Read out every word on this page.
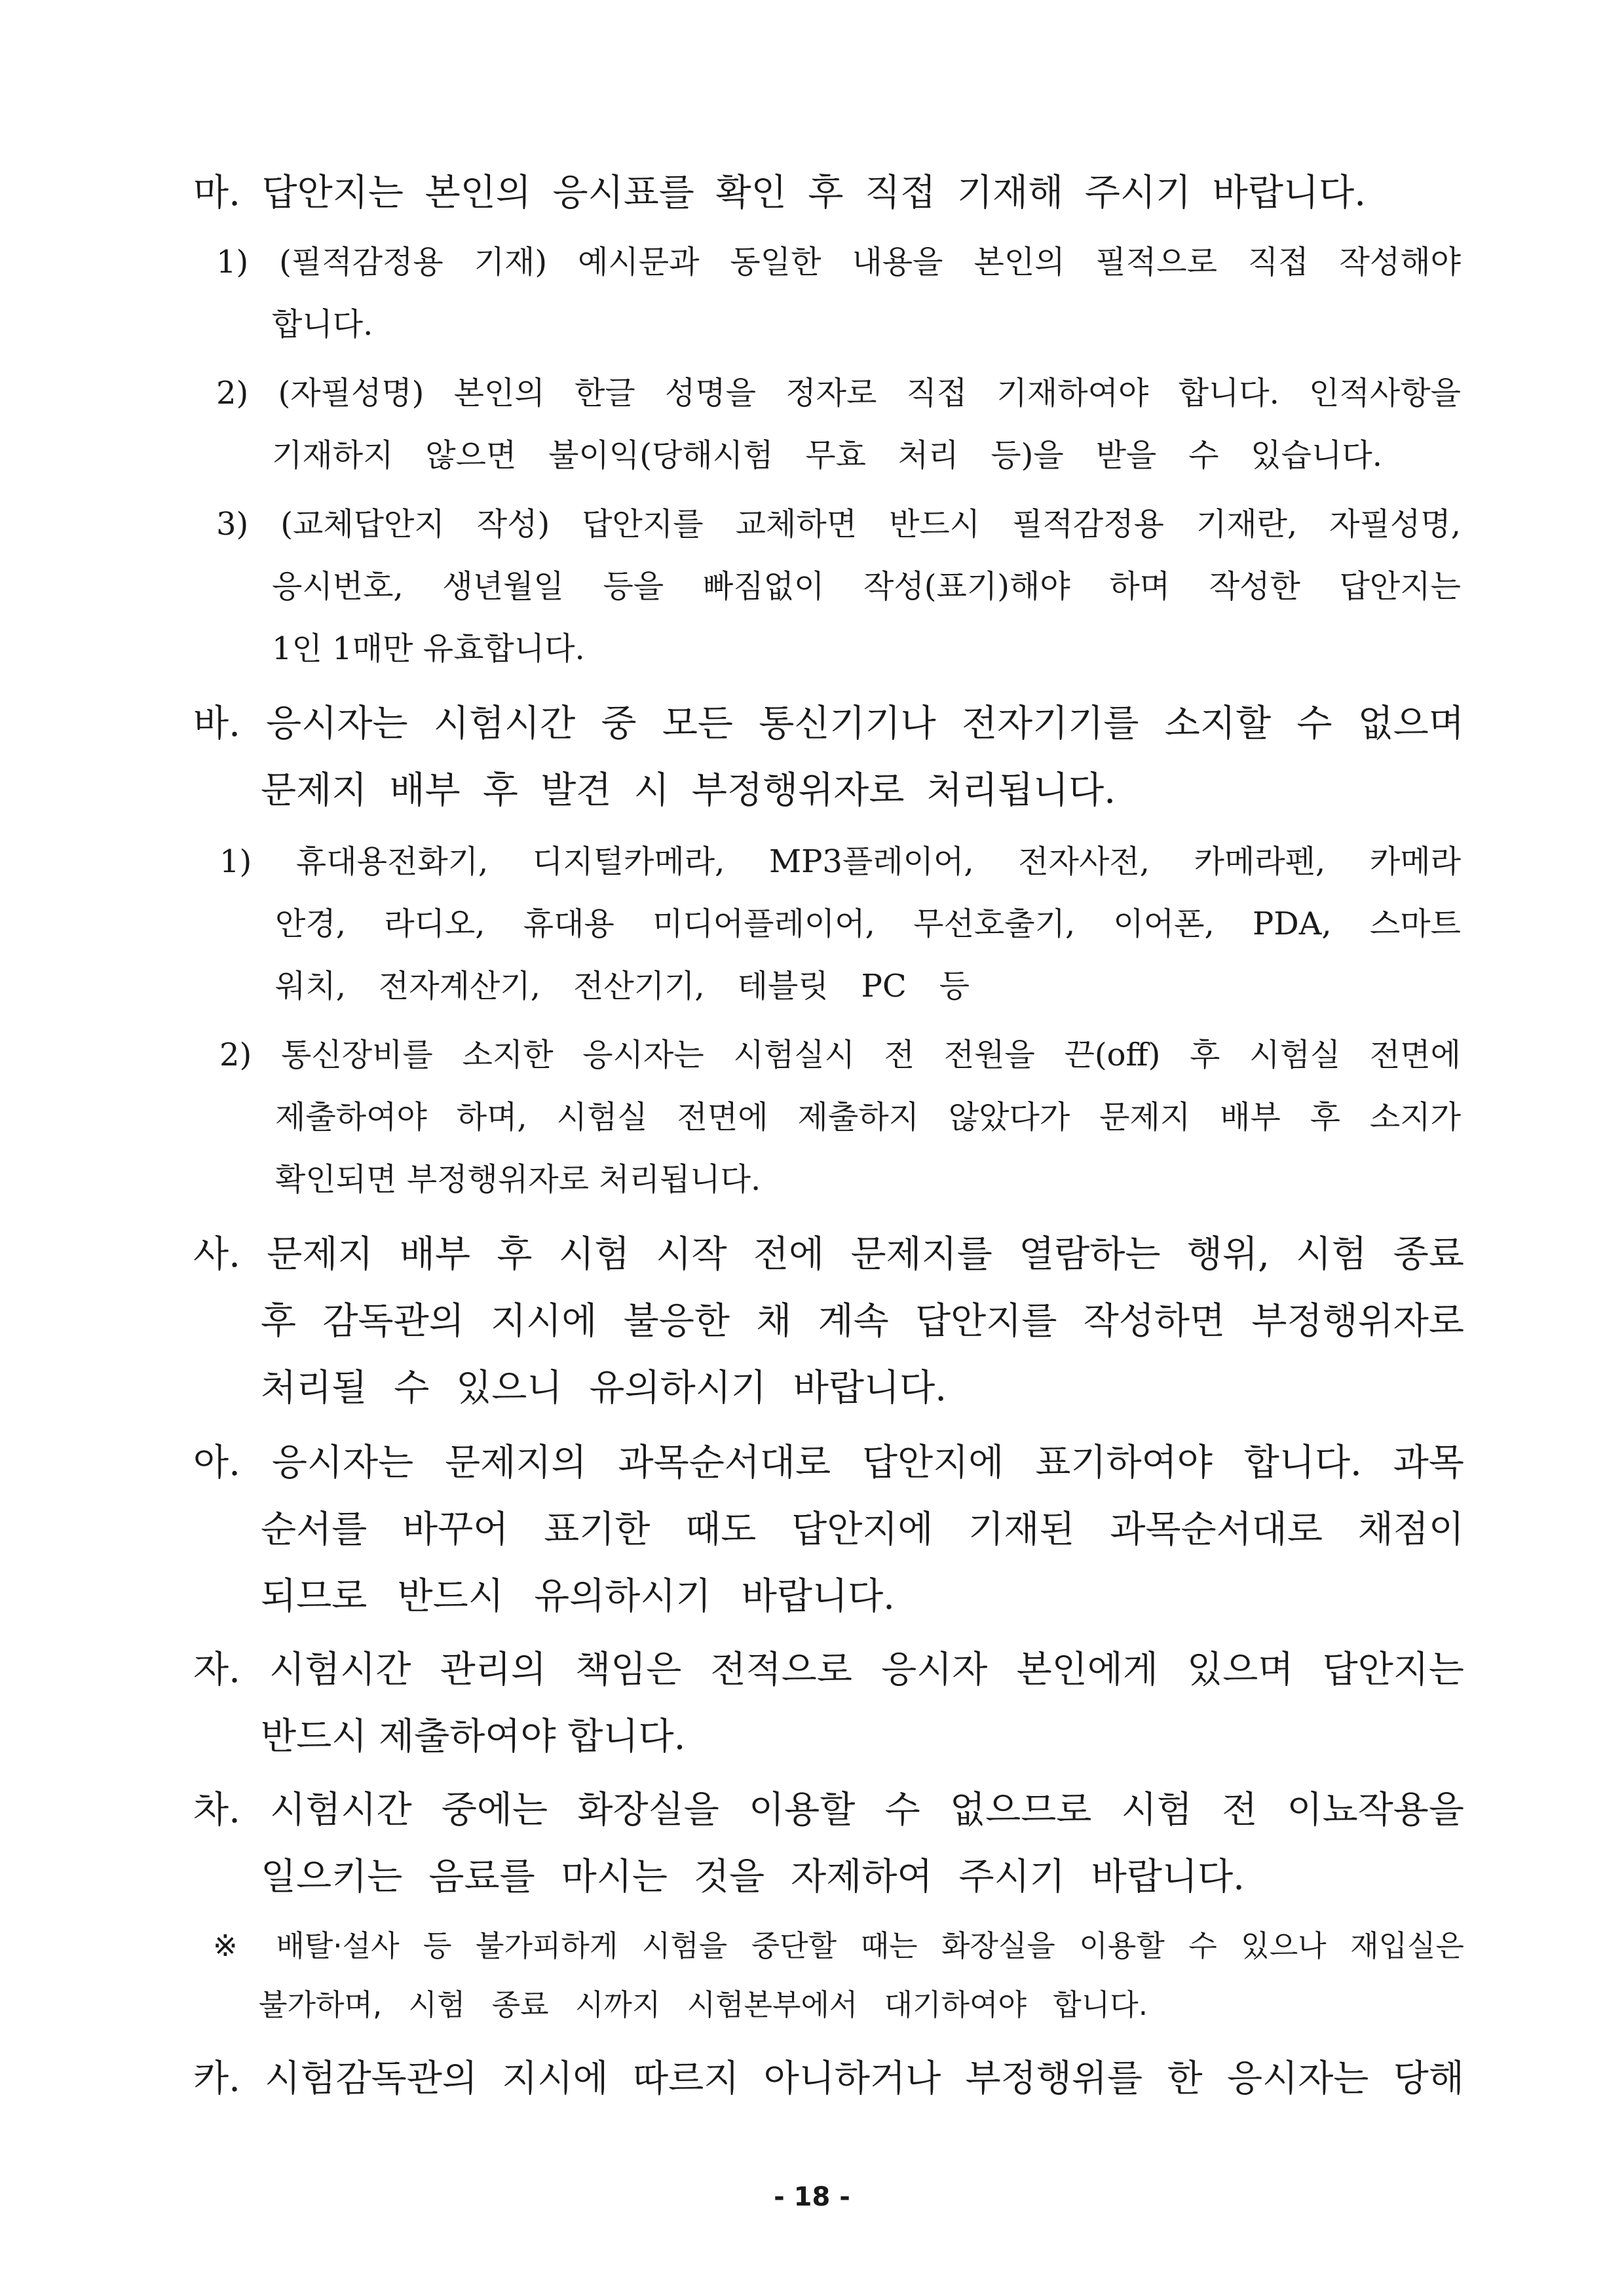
마. 답안지는 본인의 응시표를 확인 후 직접 기재해 주시기 바랍니다.
1) (필적감정용 기재) 예시문과 동일한 내용을 본인의 필적으로 직접 작성해야
합니다.
2) (자필성명) 본인의 한글 성명을 정자로 직접 기재하여야 합니다. 인적사항을
기재하지 않으면 불이익(당해시험 무효 처리 등)을 받을 수 있습니다.
3) (교체답안지 작성) 답안지를 교체하면 반드시 필적감정용 기재란, 자필성명,
응시번호, 생년월일 등을 빠짐없이 작성(표기)해야 하며 작성한 답안지는
1인 1매만 유효합니다.
바. 응시자는 시험시간 중 모든 통신기기나 전자기기를 소지할 수 없으며
문제지 배부 후 발견 시 부정행위자로 처리됩니다.
1) 휴대용전화기, 디지털카메라, MP3플레이어, 전자사전, 카메라펜, 카메라
안경, 라디오, 휴대용 미디어플레이어, 무선호출기, 이어폰, PDA, 스마트
워치, 전자계산기, 전산기기, 테블릿 PC 등
2) 통신장비를 소지한 응시자는 시험실시 전 전원을 끈(off) 후 시험실 전면에
제출하여야 하며, 시험실 전면에 제출하지 않았다가 문제지 배부 후 소지가
확인되면 부정행위자로 처리됩니다.
사. 문제지 배부 후 시험 시작 전에 문제지를 열람하는 행위, 시험 종료
후 감독관의 지시에 불응한 채 계속 답안지를 작성하면 부정행위자로
처리될 수 있으니 유의하시기 바랍니다.
아. 응시자는 문제지의 과목순서대로 답안지에 표기하여야 합니다. 과목
순서를 바꾸어 표기한 때도 답안지에 기재된 과목순서대로 채점이
되므로 반드시 유의하시기 바랍니다.
자. 시험시간 관리의 책임은 전적으로 응시자 본인에게 있으며 답안지는
반드시 제출하여야 합니다.
차. 시험시간 중에는 화장실을 이용할 수 없으므로 시험 전 이뇨작용을
일으키는 음료를 마시는 것을 자제하여 주시기 바랍니다.
※ 배탈·설사 등 불가피하게 시험을 중단할 때는 화장실을 이용할 수 있으나 재입실은
불가하며, 시험 종료 시까지 시험본부에서 대기하여야 합니다.
카. 시험감독관의 지시에 따르지 아니하거나 부정행위를 한 응시자는 당해
- 18 -
